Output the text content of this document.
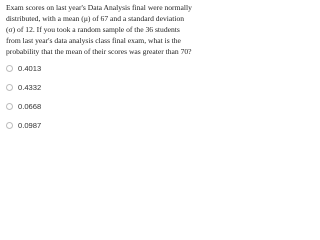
Exam scores on last year's Data Analysis final were normally distributed, with a mean (μ) of 67 and a standard deviation (σ) of 12. If you took a random sample of the 36 students from last year's data analysis class final exam, what is the probability that the mean of their scores was greater than 70?

0.4013
0.4332
0.0668
0.0987
